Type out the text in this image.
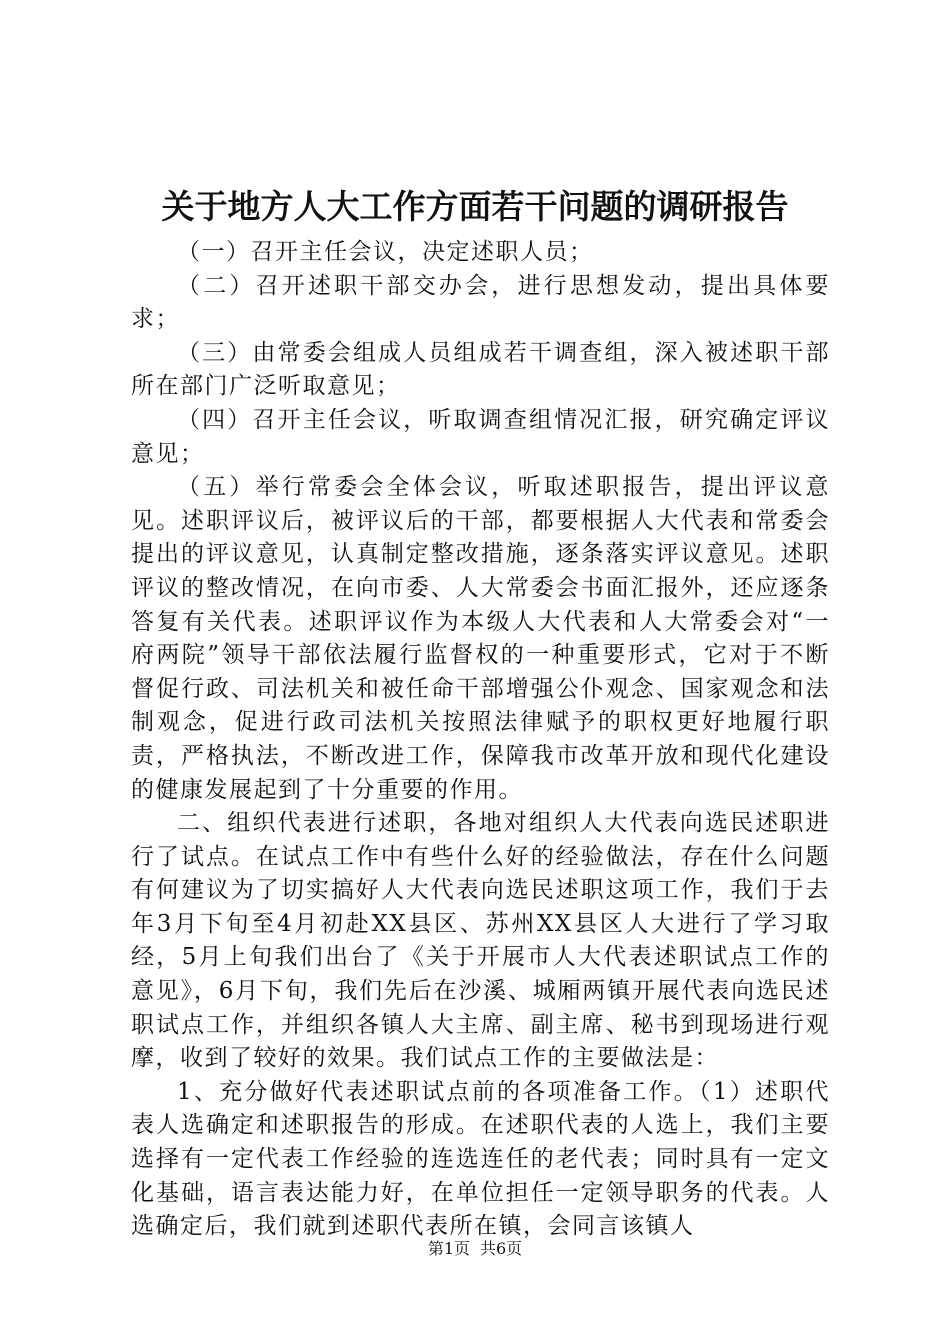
关于地方人大工作方面若干问题的调研报告

（一）召开主任会议，决定述职人员；

（二）召开述职干部交办会，进行思想发动，提出具体要求；

（三）由常委会组成人员组成若干调查组，深入被述职干部所在部门广泛听取意见；

（四）召开主任会议，听取调查组情况汇报，研究确定评议意见；

（五）举行常委会全体会议，听取述职报告，提出评议意见。述职评议后，被评议后的干部，都要根据人大代表和常委会提出的评议意见，认真制定整改措施，逐条落实评议意见。述职评议的整改情况，在向市委、人大常委会书面汇报外，还应逐条答复有关代表。述职评议作为本级人大代表和人大常委会对“一府两院”领导干部依法履行监督权的一种重要形式，它对于不断督促行政、司法机关和被任命干部增强公仆观念、国家观念和法制观念，促进行政司法机关按照法律赋予的职权更好地履行职责，严格执法，不断改进工作，保障我市改革开放和现代化建设的健康发展起到了十分重要的作用。

二、组织代表进行述职，各地对组织人大代表向选民述职进行了试点。在试点工作中有些什么好的经验做法，存在什么问题有何建议为了切实搞好人大代表向选民述职这项工作，我们于去年3月下旬至4月初赴XX县区、苏州XX县区人大进行了学习取经，5月上旬我们出台了《关于开展市人大代表述职试点工作的意见》，6月下旬，我们先后在沙溪、城厢两镇开展代表向选民述职试点工作，并组织各镇人大主席、副主席、秘书到现场进行观摩，收到了较好的效果。我们试点工作的主要做法是：

1、充分做好代表述职试点前的各项准备工作。（1）述职代表人选确定和述职报告的形成。在述职代表的人选上，我们主要选择有一定代表工作经验的连选连任的老代表；同时具有一定文化基础，语言表达能力好，在单位担任一定领导职务的代表。人选确定后，我们就到述职代表所在镇，会同言该镇人

第1页 共6页
